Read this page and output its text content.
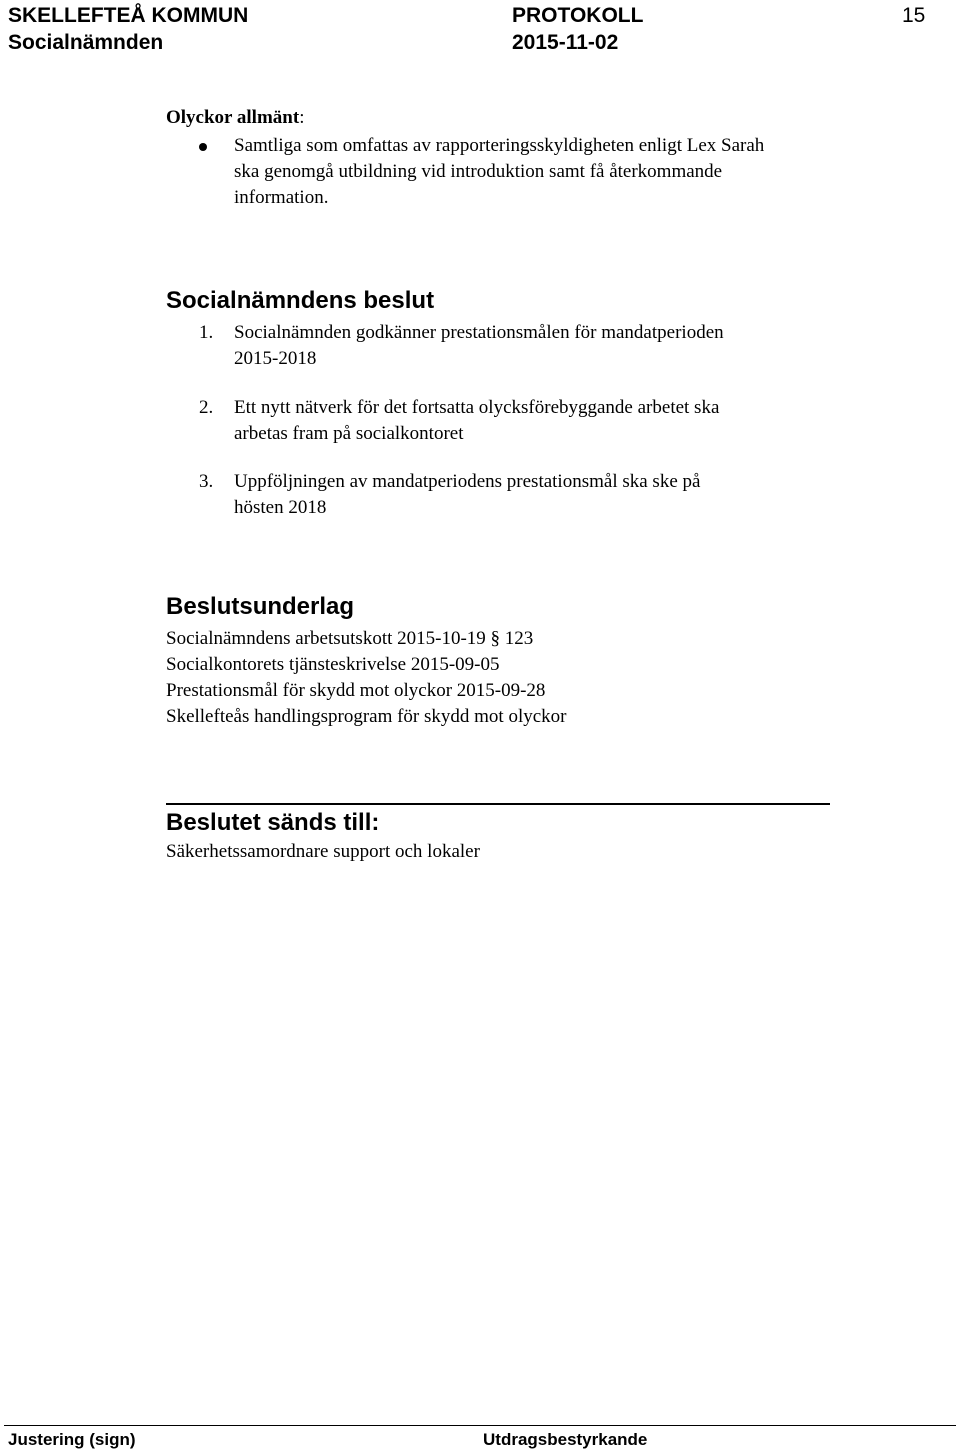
SKELLEFTEÅ KOMMUN	PROTOKOLL	15
Socialnämnden	2015-11-02
Olyckor allmänt:
Samtliga som omfattas av rapporteringsskyldigheten enligt Lex Sarah
ska genomgå utbildning vid introduktion samt få återkommande
information.
Socialnämndens beslut
1. Socialnämnden godkänner prestationsmålen för mandatperioden
2015-2018
2. Ett nytt nätverk för det fortsatta olycksförebyggande arbetet ska
arbetas fram på socialkontoret
3. Uppföljningen av mandatperiodens prestationsmål ska ske på
hösten 2018
Beslutsunderlag
Socialnämndens arbetsutskott 2015-10-19 § 123
Socialkontorets tjänsteskrivelse 2015-09-05
Prestationsmål för skydd mot olyckor 2015-09-28
Skellefteås handlingsprogram för skydd mot olyckor
Beslutet sänds till:
Säkerhetssamordnare support och lokaler
Justering (sign)	Utdragsbestyrkande
